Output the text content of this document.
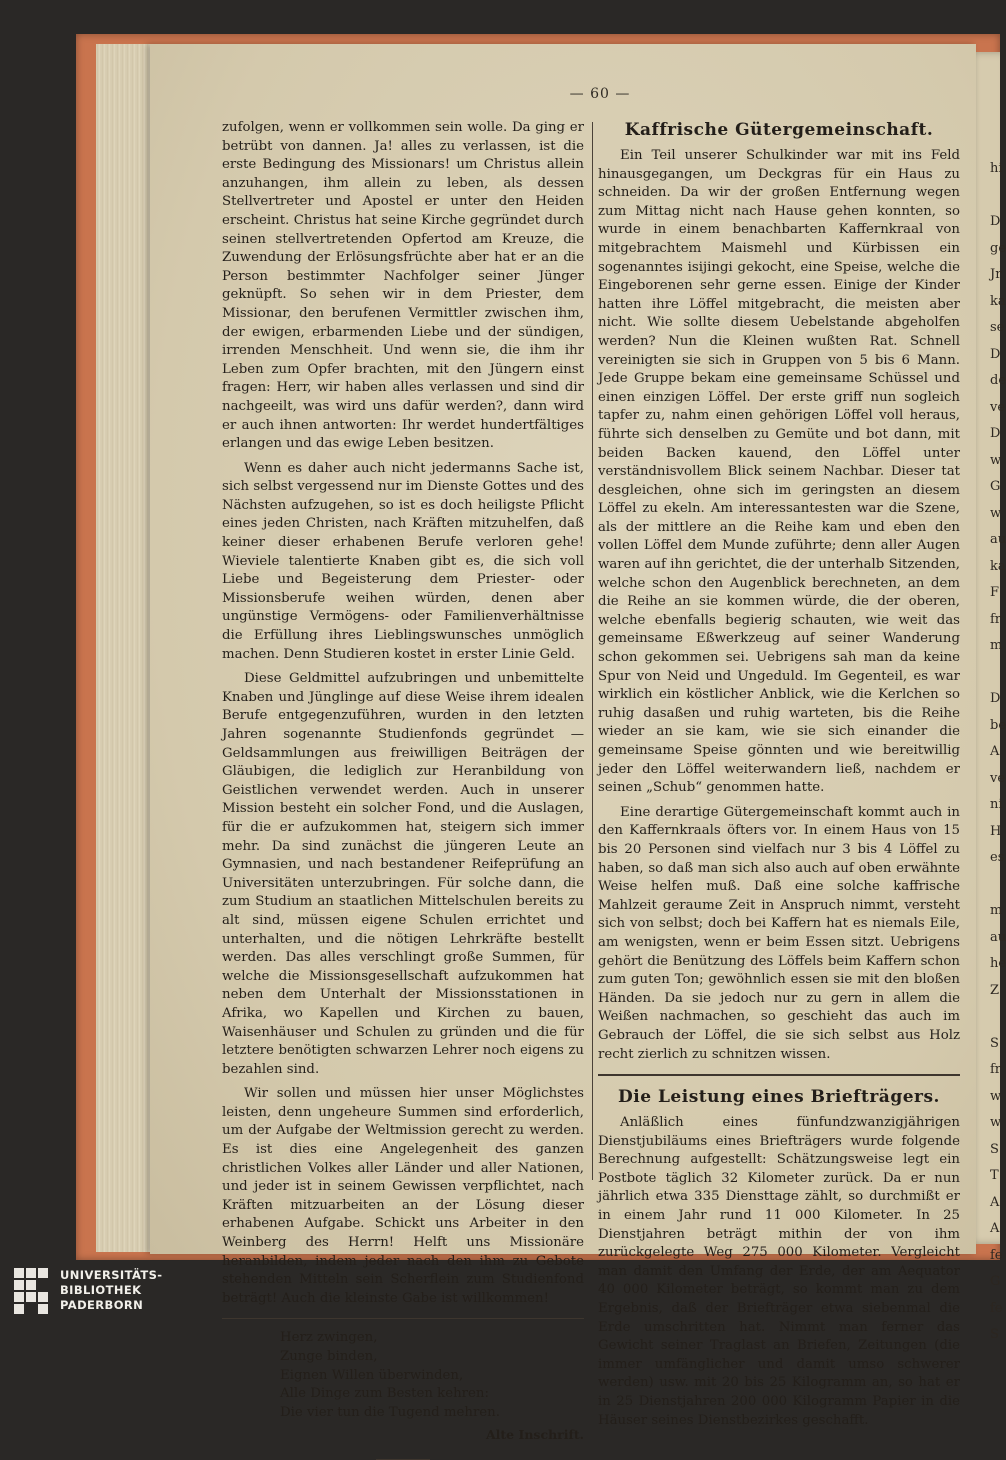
hi

D
ge
Jr
ka
se
D
de
ve
D
w
G
w
au
ka
F
fr
m

D
be
A
ve
ni
H
es

m
au
he
Z

S
fr
w
w
S
T
A
A
fe
G
fe
S
— 60 —

zufolgen, wenn er vollkommen sein wolle. Da ging er betrübt von dannen. Ja! alles zu verlassen, ist die erste Bedingung des Missionars! um Christus allein anzuhangen, ihm allein zu leben, als dessen Stellvertreter und Apostel er unter den Heiden erscheint. Christus hat seine Kirche gegründet durch seinen stellvertretenden Opfertod am Kreuze, die Zuwendung der Erlösungsfrüchte aber hat er an die Person bestimmter Nachfolger seiner Jünger geknüpft. So sehen wir in dem Priester, dem Missionar, den berufenen Vermittler zwischen ihm, der ewigen, erbarmenden Liebe und der sündigen, irrenden Menschheit. Und wenn sie, die ihm ihr Leben zum Opfer brachten, mit den Jüngern einst fragen: Herr, wir haben alles verlassen und sind dir nachgeeilt, was wird uns dafür werden?, dann wird er auch ihnen antworten: Ihr werdet hundertfältiges erlangen und das ewige Leben besitzen.

Wenn es daher auch nicht jedermanns Sache ist, sich selbst vergessend nur im Dienste Gottes und des Nächsten aufzugehen, so ist es doch heiligste Pflicht eines jeden Christen, nach Kräften mitzuhelfen, daß keiner dieser erhabenen Berufe verloren gehe! Wieviele talentierte Knaben gibt es, die sich voll Liebe und Begeisterung dem Priester- oder Missionsberufe weihen würden, denen aber ungünstige Vermögens- oder Familienverhältnisse die Erfüllung ihres Lieblingswunsches unmöglich machen. Denn Studieren kostet in erster Linie Geld.

Diese Geldmittel aufzubringen und unbemittelte Knaben und Jünglinge auf diese Weise ihrem idealen Berufe entgegenzuführen, wurden in den letzten Jahren sogenannte Studienfonds gegründet — Geldsammlungen aus freiwilligen Beiträgen der Gläubigen, die lediglich zur Heranbildung von Geistlichen verwendet werden. Auch in unserer Mission besteht ein solcher Fond, und die Auslagen, für die er aufzukommen hat, steigern sich immer mehr. Da sind zunächst die jüngeren Leute an Gymnasien, und nach bestandener Reifeprüfung an Universitäten unterzubringen. Für solche dann, die zum Studium an staatlichen Mittelschulen bereits zu alt sind, müssen eigene Schulen errichtet und unterhalten, und die nötigen Lehrkräfte bestellt werden. Das alles verschlingt große Summen, für welche die Missionsgesellschaft aufzukommen hat neben dem Unterhalt der Missionsstationen in Afrika, wo Kapellen und Kirchen zu bauen, Waisenhäuser und Schulen zu gründen und die für letztere benötigten schwarzen Lehrer noch eigens zu bezahlen sind.

Wir sollen und müssen hier unser Möglichstes leisten, denn ungeheure Summen sind erforderlich, um der Aufgabe der Weltmission gerecht zu werden. Es ist dies eine Angelegenheit des ganzen christlichen Volkes aller Länder und aller Nationen, und jeder ist in seinem Gewissen verpflichtet, nach Kräften mitzuarbeiten an der Lösung dieser erhabenen Aufgabe. Schickt uns Arbeiter in den Weinberg des Herrn! Helft uns Missionäre heranbilden, indem jeder nach den ihm zu Gebote stehenden Mitteln sein Scherflein zum Studienfond beträgt! Auch die kleinste Gabe ist willkommen!

Herz zwingen,
Zunge binden,
Eignen Willen überwinden,
Alle Dinge zum Besten kehren:
Die vier tun die Tugend mehren.
Alte Inschrift.
Kaffrische Gütergemeinschaft.

Ein Teil unserer Schulkinder war mit ins Feld hinausgegangen, um Deckgras für ein Haus zu schneiden. Da wir der großen Entfernung wegen zum Mittag nicht nach Hause gehen konnten, so wurde in einem benachbarten Kaffernkraal von mitgebrachtem Maismehl und Kürbissen ein sogenanntes isijingi gekocht, eine Speise, welche die Eingeborenen sehr gerne essen. Einige der Kinder hatten ihre Löffel mitgebracht, die meisten aber nicht. Wie sollte diesem Uebelstande abgeholfen werden? Nun die Kleinen wußten Rat. Schnell vereinigten sie sich in Gruppen von 5 bis 6 Mann. Jede Gruppe bekam eine gemeinsame Schüssel und einen einzigen Löffel. Der erste griff nun sogleich tapfer zu, nahm einen gehörigen Löffel voll heraus, führte sich denselben zu Gemüte und bot dann, mit beiden Backen kauend, den Löffel unter verständnisvollem Blick seinem Nachbar. Dieser tat desgleichen, ohne sich im geringsten an diesem Löffel zu ekeln. Am interessantesten war die Szene, als der mittlere an die Reihe kam und eben den vollen Löffel dem Munde zuführte; denn aller Augen waren auf ihn gerichtet, die der unterhalb Sitzenden, welche schon den Augenblick berechneten, an dem die Reihe an sie kommen würde, die der oberen, welche ebenfalls begierig schauten, wie weit das gemeinsame Eßwerkzeug auf seiner Wanderung schon gekommen sei. Uebrigens sah man da keine Spur von Neid und Ungeduld. Im Gegenteil, es war wirklich ein köstlicher Anblick, wie die Kerlchen so ruhig dasaßen und ruhig warteten, bis die Reihe wieder an sie kam, wie sie sich einander die gemeinsame Speise gönnten und wie bereitwillig jeder den Löffel weiterwandern ließ, nachdem er seinen „Schub“ genommen hatte.

Eine derartige Gütergemeinschaft kommt auch in den Kaffernkraals öfters vor. In einem Haus von 15 bis 20 Personen sind vielfach nur 3 bis 4 Löffel zu haben, so daß man sich also auch auf oben erwähnte Weise helfen muß. Daß eine solche kaffrische Mahlzeit geraume Zeit in Anspruch nimmt, versteht sich von selbst; doch bei Kaffern hat es niemals Eile, am wenigsten, wenn er beim Essen sitzt. Uebrigens gehört die Benützung des Löffels beim Kaffern schon zum guten Ton; gewöhnlich essen sie mit den bloßen Händen. Da sie jedoch nur zu gern in allem die Weißen nachmachen, so geschieht das auch im Gebrauch der Löffel, die sie sich selbst aus Holz recht zierlich zu schnitzen wissen.

Die Leistung eines Briefträgers.

Anläßlich eines fünfundzwanzigjährigen Dienstjubiläums eines Briefträgers wurde folgende Berechnung aufgestellt: Schätzungsweise legt ein Postbote täglich 32 Kilometer zurück. Da er nun jährlich etwa 335 Diensttage zählt, so durchmißt er in einem Jahr rund 11 000 Kilometer. In 25 Dienstjahren beträgt mithin der von ihm zurückgelegte Weg 275 000 Kilometer. Vergleicht man damit den Umfang der Erde, der am Aequator 40 000 Kilometer beträgt, so kommt man zu dem Ergebnis, daß der Briefträger etwa siebenmal die Erde umschritten hat. Nimmt man ferner das Gewicht seiner Traglast an Briefen, Zeitungen (die immer umfänglicher und damit umso schwerer werden) usw. mit 20 bis 25 Kilogramm an, so hat er in 25 Dienstjahren 200 000 Kilogramm Papier in die Häuser seines Dienstbezirkes geschafft.

UNIVERSITÄTS-
BIBLIOTHEK
PADERBORN
